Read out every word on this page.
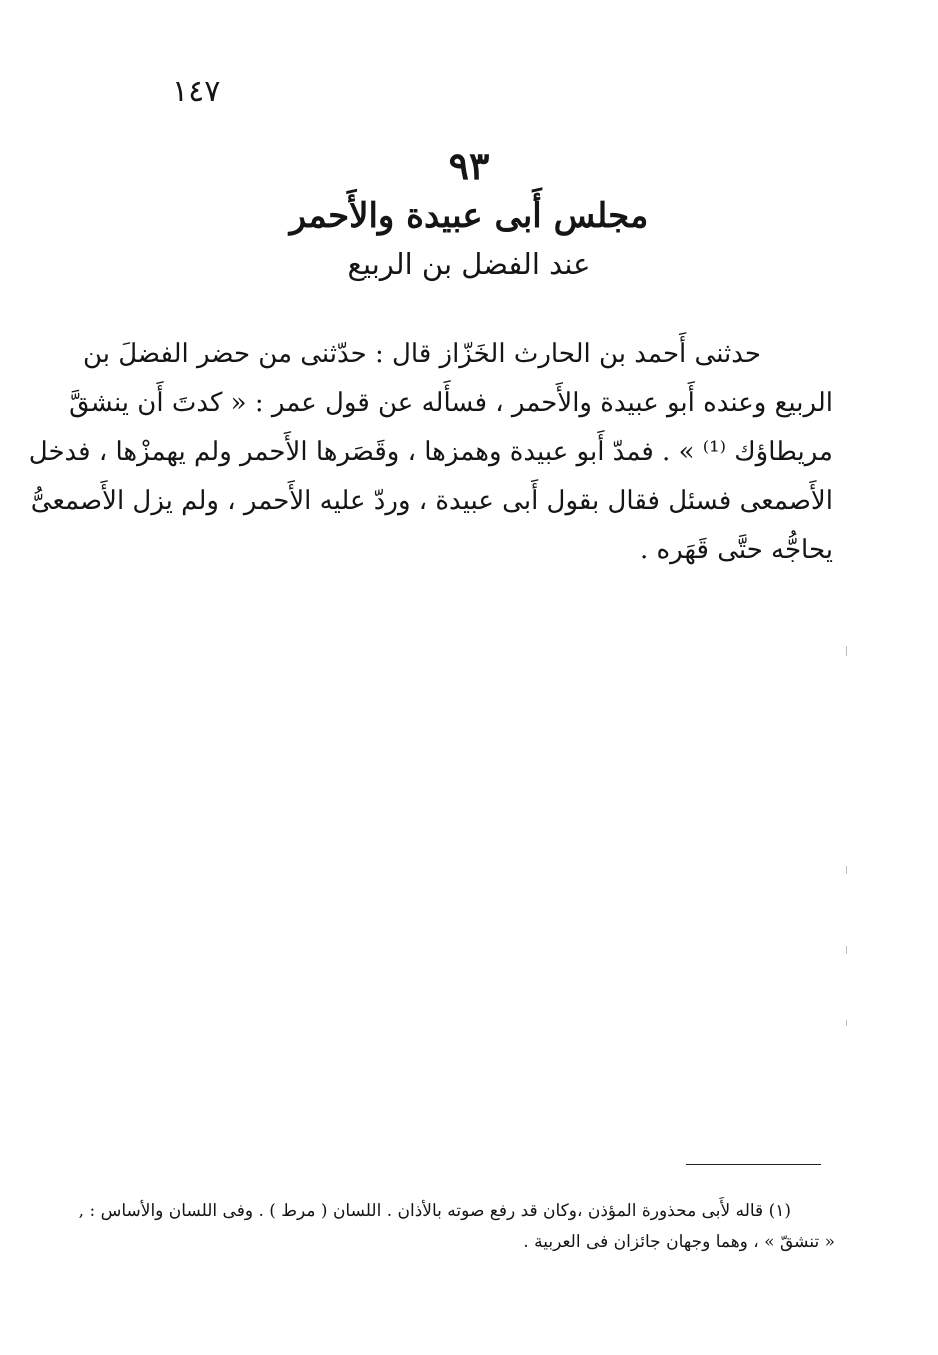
١٤٧
٩٣
مجلس أَبى عبيدة والأَحمر
عند الفضل بن الربيع
حدثنى أَحمد بن الحارث الخَزّاز قال : حدّثنى من حضر الفضلَ بن
الربيع وعنده أَبو عبيدة والأَحمر ، فسأَله عن قول عمر : « كدتَ أَن ينشقَّ
مريطاؤك ⁽¹⁾ » . فمدّ أَبو عبيدة وهمزها ، وقَصَرها الأَحمر ولم يهمزْها ، فدخل
الأَصمعى فسئل فقال بقول أَبى عبيدة ، وردّ عليه الأَحمر ، ولم يزل الأَصمعىُّ
يحاجُّه حتَّى قَهَره .
(١) قاله لأَبى محذورة المؤذن ،وكان قد رفع صوته بالأذان . اللسان ( مرط ) . وفى اللسان والأساس : ,
« تنشقّ » ، وهما وجهان جائزان فى العربية .
